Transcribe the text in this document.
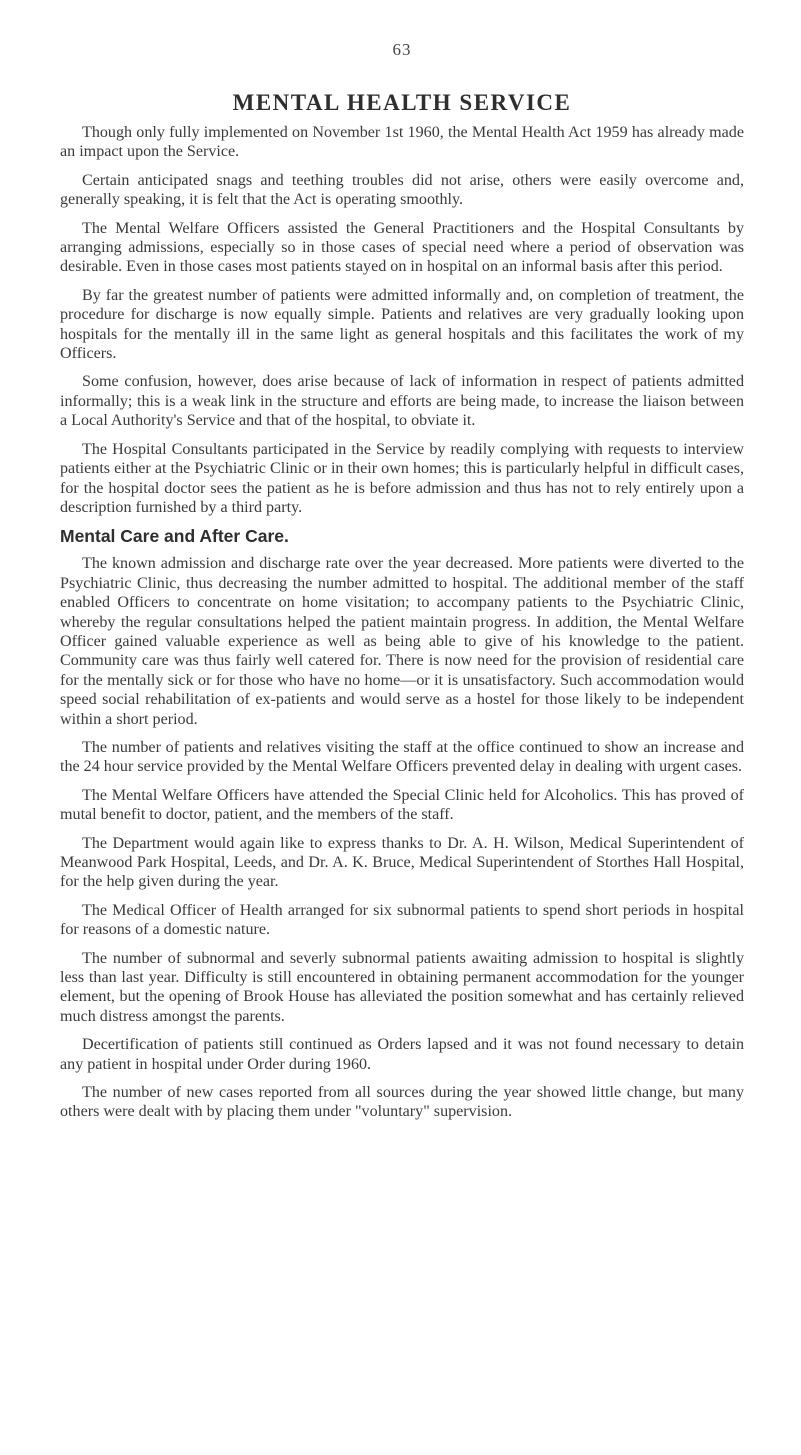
63
MENTAL HEALTH SERVICE

Though only fully implemented on November 1st 1960, the Mental Health Act 1959 has already made an impact upon the Service.

Certain anticipated snags and teething troubles did not arise, others were easily overcome and, generally speaking, it is felt that the Act is operating smoothly.

The Mental Welfare Officers assisted the General Practitioners and the Hospital Consultants by arranging admissions, especially so in those cases of special need where a period of observation was desirable. Even in those cases most patients stayed on in hospital on an informal basis after this period.

By far the greatest number of patients were admitted informally and, on completion of treatment, the procedure for discharge is now equally simple. Patients and relatives are very gradually looking upon hospitals for the mentally ill in the same light as general hospitals and this facilitates the work of my Officers.

Some confusion, however, does arise because of lack of information in respect of patients admitted informally; this is a weak link in the structure and efforts are being made, to increase the liaison between a Local Authority's Service and that of the hospital, to obviate it.

The Hospital Consultants participated in the Service by readily complying with requests to interview patients either at the Psychiatric Clinic or in their own homes; this is particularly helpful in difficult cases, for the hospital doctor sees the patient as he is before admission and thus has not to rely entirely upon a description furnished by a third party.

Mental Care and After Care.

The known admission and discharge rate over the year decreased. More patients were diverted to the Psychiatric Clinic, thus decreasing the number admitted to hospital. The additional member of the staff enabled Officers to concentrate on home visitation; to accompany patients to the Psychiatric Clinic, whereby the regular consultations helped the patient maintain progress. In addition, the Mental Welfare Officer gained valuable experience as well as being able to give of his knowledge to the patient. Community care was thus fairly well catered for. There is now need for the provision of residential care for the mentally sick or for those who have no home—or it is unsatisfactory. Such accommodation would speed social rehabilitation of ex-patients and would serve as a hostel for those likely to be independent within a short period.

The number of patients and relatives visiting the staff at the office continued to show an increase and the 24 hour service provided by the Mental Welfare Officers prevented delay in dealing with urgent cases.

The Mental Welfare Officers have attended the Special Clinic held for Alcoholics. This has proved of mutal benefit to doctor, patient, and the members of the staff.

The Department would again like to express thanks to Dr. A. H. Wilson, Medical Superintendent of Meanwood Park Hospital, Leeds, and Dr. A. K. Bruce, Medical Superintendent of Storthes Hall Hospital, for the help given during the year.

The Medical Officer of Health arranged for six subnormal patients to spend short periods in hospital for reasons of a domestic nature.

The number of subnormal and severly subnormal patients awaiting admission to hospital is slightly less than last year. Difficulty is still encountered in obtaining permanent accommodation for the younger element, but the opening of Brook House has alleviated the position somewhat and has certainly relieved much distress amongst the parents.

Decertification of patients still continued as Orders lapsed and it was not found necessary to detain any patient in hospital under Order during 1960.

The number of new cases reported from all sources during the year showed little change, but many others were dealt with by placing them under "voluntary" supervision.
